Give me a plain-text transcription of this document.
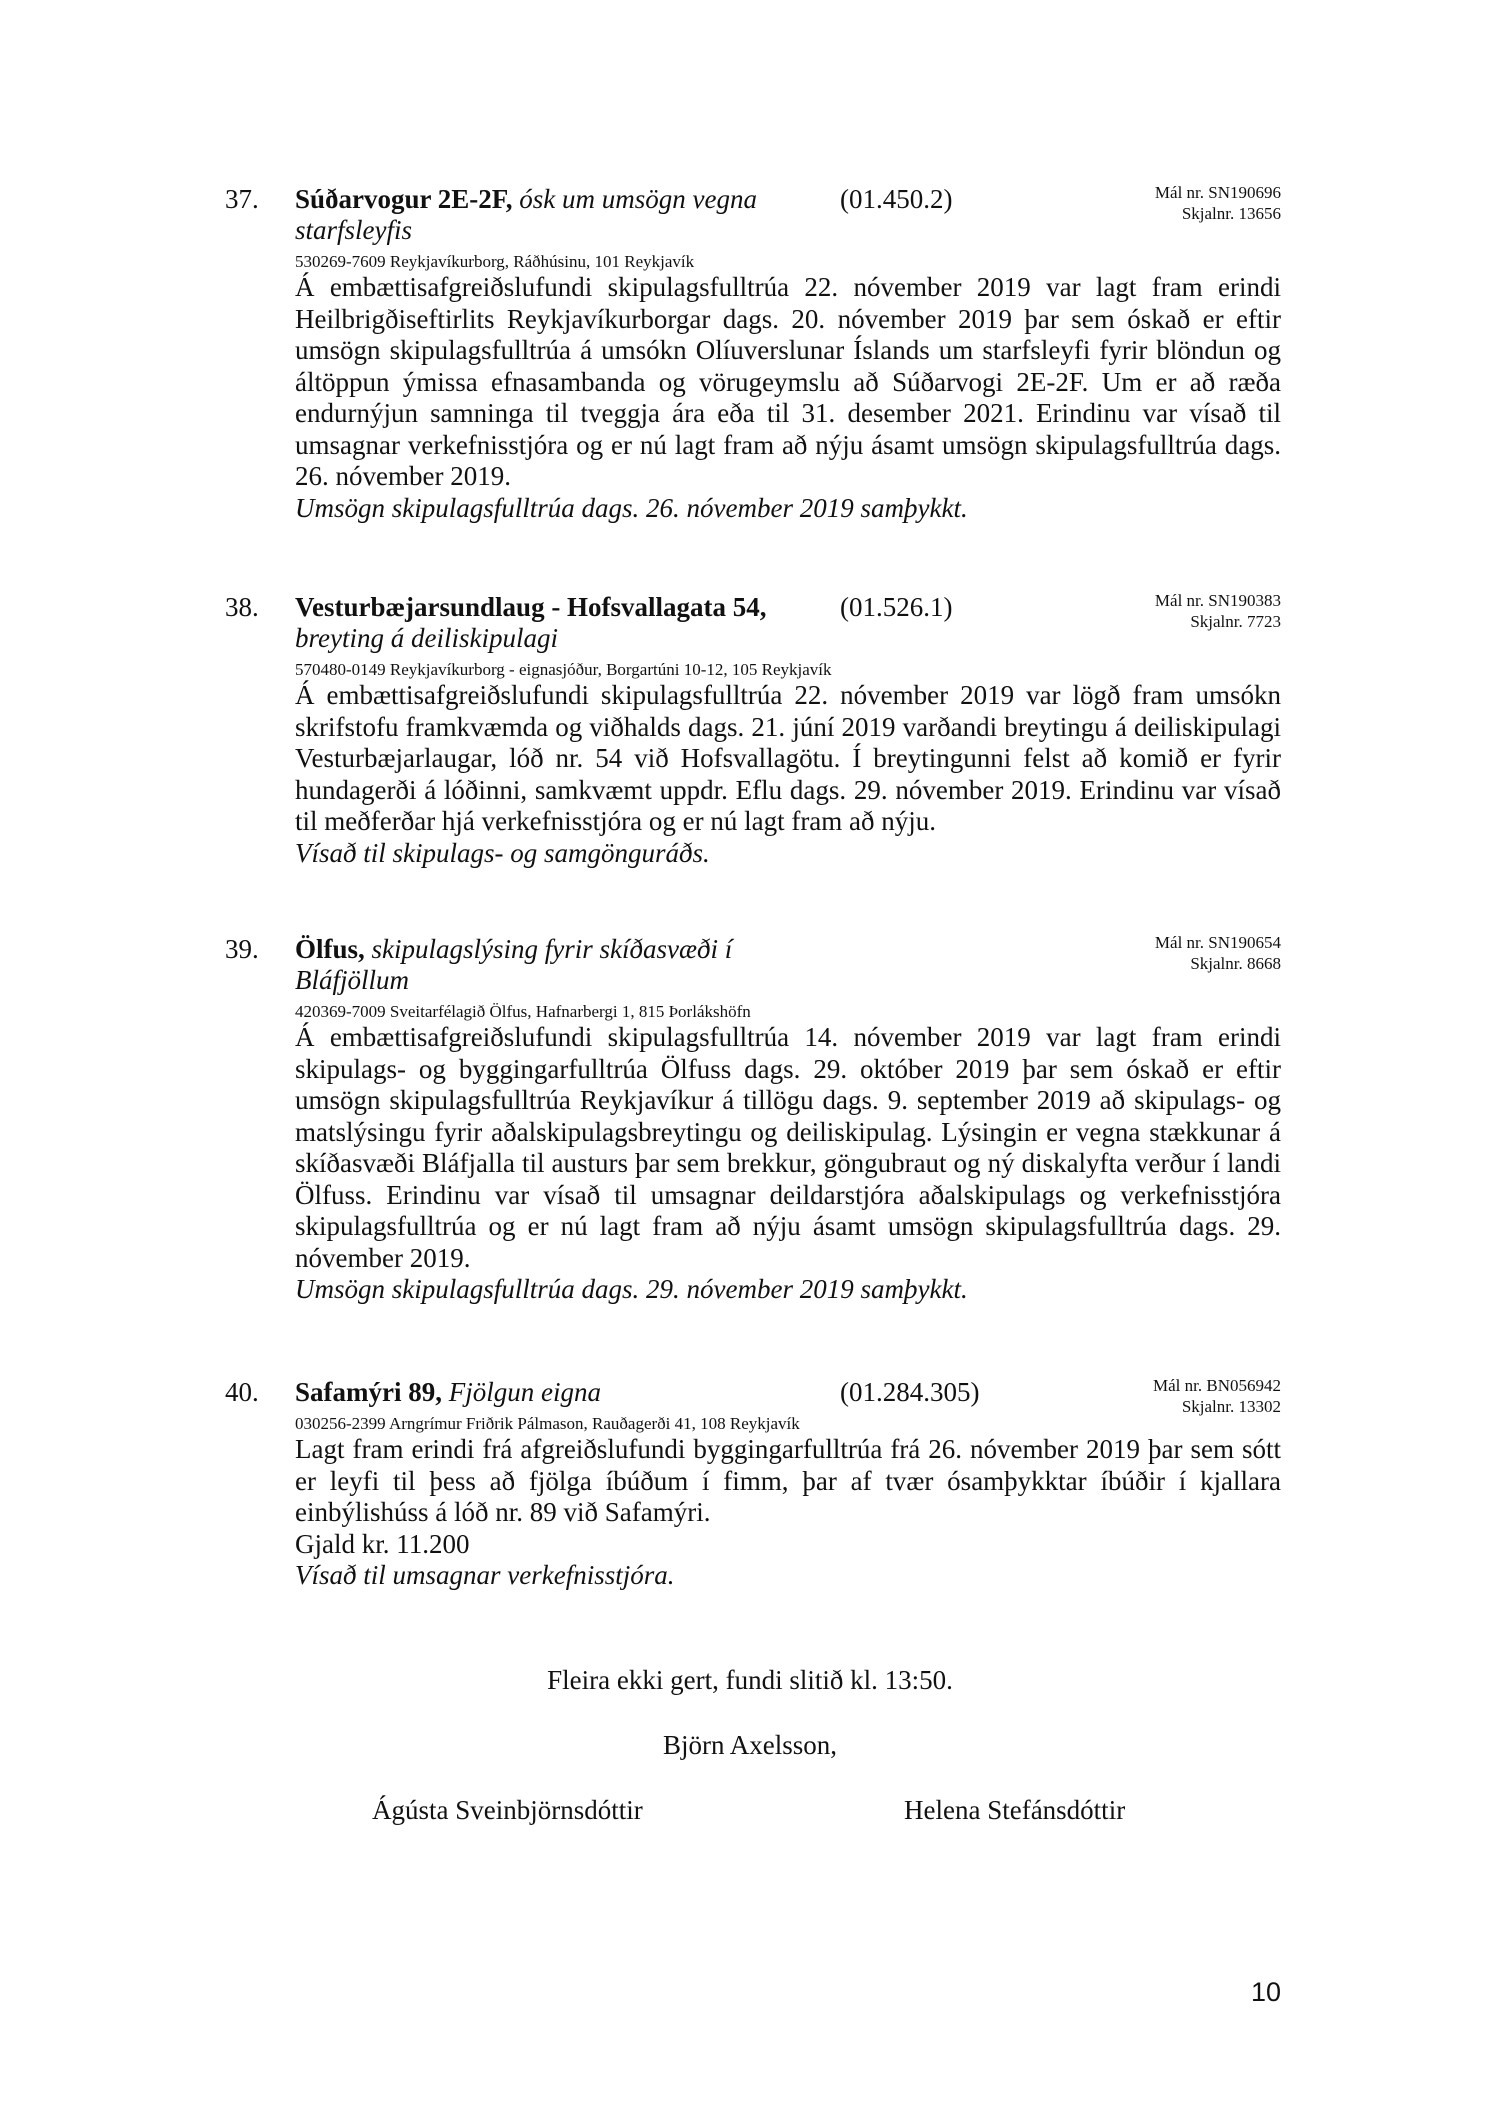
37. Súðarvogur 2E-2F, ósk um umsögn vegna starfsleyfis
(01.450.2)	Mál nr. SN190696
Skjalnr. 13656
530269-7609 Reykjavíkurborg, Ráðhúsinu, 101 Reykjavík

Á embættisafgreiðslufundi skipulagsfulltrúa 22. nóvember 2019 var lagt fram erindi Heilbrigðiseftirlits Reykjavíkurborgar dags. 20. nóvember 2019 þar sem óskað er eftir umsögn skipulagsfulltrúa á umsókn Olíuverslunar Íslands um starfsleyfi fyrir blöndun og áltöppun ýmissa efnasambanda og vörugeymslu að Súðarvogi 2E-2F. Um er að ræða endurnýjun samninga til tveggja ára eða til 31. desember 2021. Erindinu var vísað til umsagnar verkefnisstjóra og er nú lagt fram að nýju ásamt umsögn skipulagsfulltrúa dags. 26. nóvember 2019.

Umsögn skipulagsfulltrúa dags. 26. nóvember 2019 samþykkt.

38. Vesturbæjarsundlaug - Hofsvallagata 54, breyting á deiliskipulagi
(01.526.1)	Mál nr. SN190383
Skjalnr. 7723
570480-0149 Reykjavíkurborg - eignasjóður, Borgartúni 10-12, 105 Reykjavík

Á embættisafgreiðslufundi skipulagsfulltrúa 22. nóvember 2019 var lögð fram umsókn skrifstofu framkvæmda og viðhalds dags. 21. júní 2019 varðandi breytingu á deiliskipulagi Vesturbæjarlaugar, lóð nr. 54 við Hofsvallagötu. Í breytingunni felst að komið er fyrir hundagerði á lóðinni, samkvæmt uppdr. Eflu dags. 29. nóvember 2019. Erindinu var vísað til meðferðar hjá verkefnisstjóra og er nú lagt fram að nýju.

Vísað til skipulags- og samgönguráðs.

39. Ölfus, skipulagslýsing fyrir skíðasvæði í Bláfjöllum
Mál nr. SN190654
Skjalnr. 8668
420369-7009 Sveitarfélagið Ölfus, Hafnarbergi 1, 815 Þorlákshöfn

Á embættisafgreiðslufundi skipulagsfulltrúa 14. nóvember 2019 var lagt fram erindi skipulags- og byggingarfulltrúa Ölfuss dags. 29. október 2019 þar sem óskað er eftir umsögn skipulagsfulltrúa Reykjavíkur á tillögu dags. 9. september 2019 að skipulags- og matslýsingu fyrir aðalskipulagsbreytingu og deiliskipulag. Lýsingin er vegna stækkunar á skíðasvæði Bláfjalla til austurs þar sem brekkur, göngubraut og ný diskalyfta verður í landi Ölfuss. Erindinu var vísað til umsagnar deildarstjóra aðalskipulags og verkefnisstjóra skipulagsfulltrúa og er nú lagt fram að nýju ásamt umsögn skipulagsfulltrúa dags. 29. nóvember 2019.

Umsögn skipulagsfulltrúa dags. 29. nóvember 2019 samþykkt.

40. Safamýri 89, Fjölgun eigna	(01.284.305)	Mál nr. BN056942
Skjalnr. 13302
030256-2399 Arngrímur Friðrik Pálmason, Rauðagerði 41, 108 Reykjavík

Lagt fram erindi frá afgreiðslufundi byggingarfulltrúa frá 26. nóvember 2019 þar sem sótt er leyfi til þess að fjölga íbúðum í fimm, þar af tvær ósamþykktar íbúðir í kjallara einbýlishúss á lóð nr. 89 við Safamýri.

Gjald kr. 11.200

Vísað til umsagnar verkefnisstjóra.

Fleira ekki gert, fundi slitið kl. 13:50.
Björn Axelsson,
Ágústa Sveinbjörnsdóttir	Helena Stefánsdóttir
10
